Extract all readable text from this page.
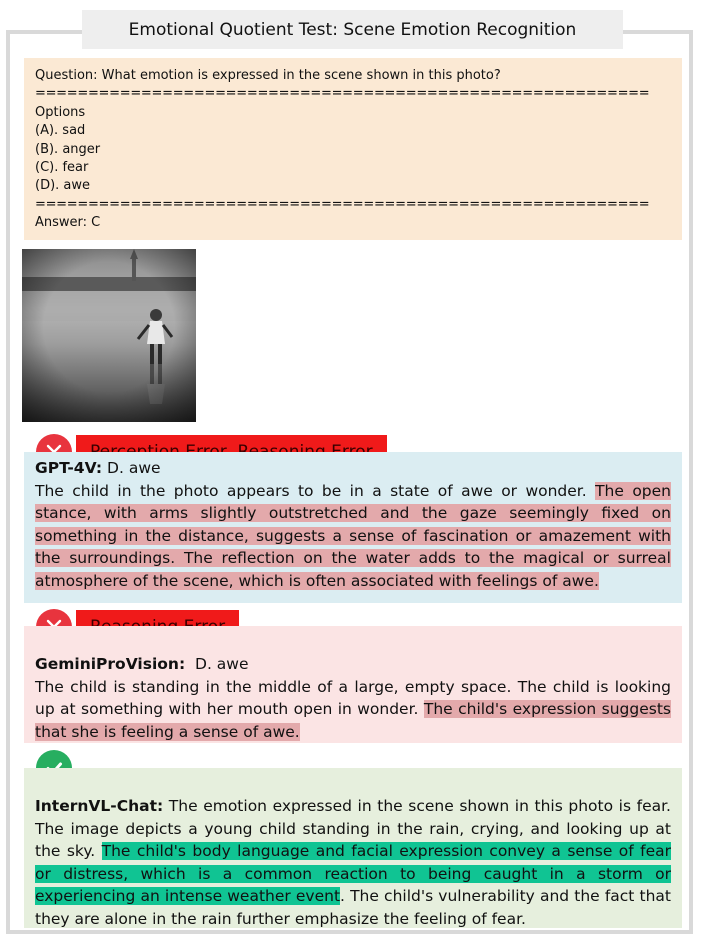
Emotional Quotient Test: Scene Emotion Recognition
Question: What emotion is expressed in the scene shown in this photo?
==========================================================
Options
(A). sad
(B). anger
(C). fear
(D). awe
==========================================================
Answer: C
GPT-4V: D. awe
The child in the photo appears to be in a state of awe or wonder. The open stance, with arms slightly outstretched and the gaze seemingly fixed on something in the distance, suggests a sense of fascination or amazement with the surroundings. The reflection on the water adds to the magical or surreal atmosphere of the scene, which is often associated with feelings of awe.
GeminiProVision: D. awe
The child is standing in the middle of a large, empty space. The child is looking up at something with her mouth open in wonder. The child's expression suggests that she is feeling a sense of awe.
InternVL-Chat: The emotion expressed in the scene shown in this photo is fear. The image depicts a young child standing in the rain, crying, and looking up at the sky. The child's body language and facial expression convey a sense of fear or distress, which is a common reaction to being caught in a storm or experiencing an intense weather event. The child's vulnerability and the fact that they are alone in the rain further emphasize the feeling of fear.
